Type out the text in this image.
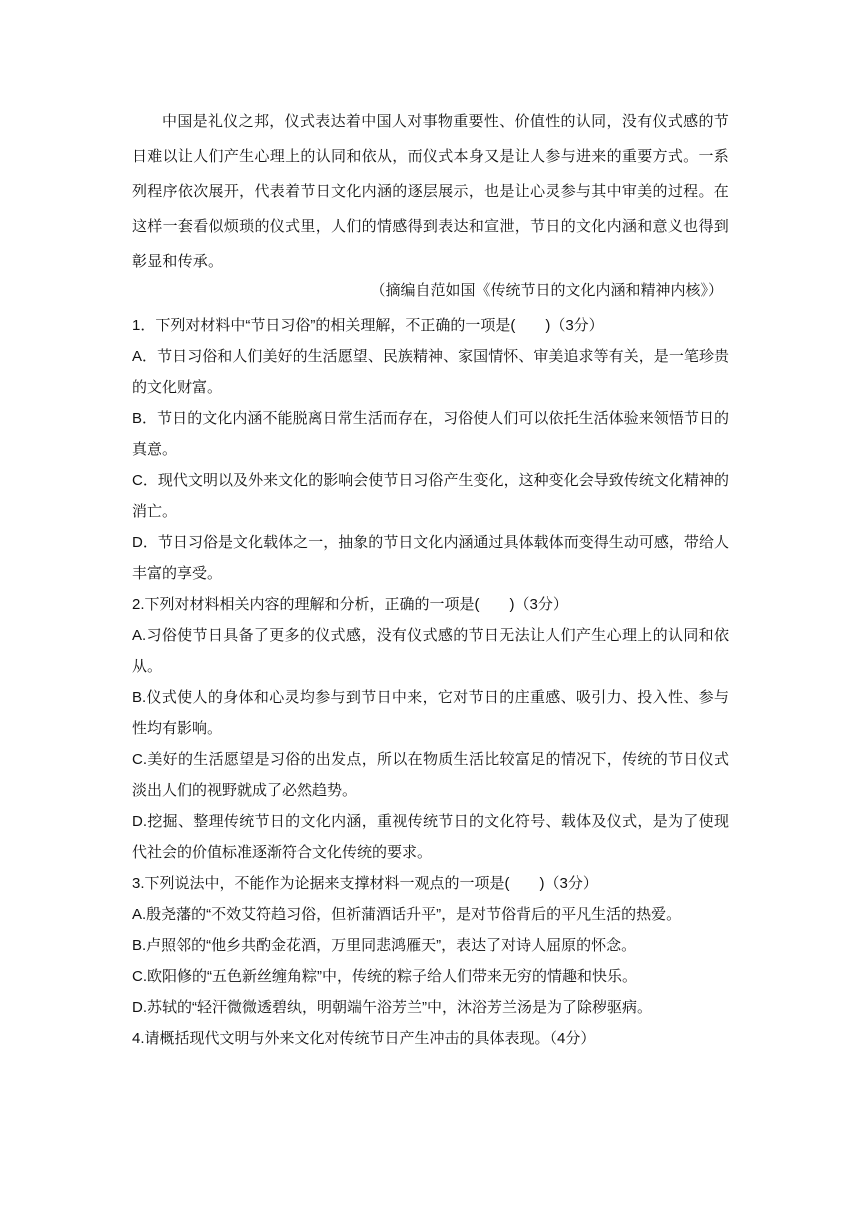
中国是礼仪之邦，仪式表达着中国人对事物重要性、价值性的认同，没有仪式感的节日难以让人们产生心理上的认同和依从，而仪式本身又是让人参与进来的重要方式。一系列程序依次展开，代表着节日文化内涵的逐层展示，也是让心灵参与其中审美的过程。在这样一套看似烦琐的仪式里，人们的情感得到表达和宣泄，节日的文化内涵和意义也得到彰显和传承。

（摘编自范如国《传统节日的文化内涵和精神内核》）

1．下列对材料中“节日习俗”的相关理解，不正确的一项是(　　)（3分）

A．节日习俗和人们美好的生活愿望、民族精神、家国情怀、审美追求等有关，是一笔珍贵的文化财富。

B．节日的文化内涵不能脱离日常生活而存在，习俗使人们可以依托生活体验来领悟节日的真意。

C．现代文明以及外来文化的影响会使节日习俗产生变化，这种变化会导致传统文化精神的消亡。

D．节日习俗是文化载体之一，抽象的节日文化内涵通过具体载体而变得生动可感，带给人丰富的享受。

2.下列对材料相关内容的理解和分析，正确的一项是(　　)（3分）

A.习俗使节日具备了更多的仪式感，没有仪式感的节日无法让人们产生心理上的认同和依从。

B.仪式使人的身体和心灵均参与到节日中来，它对节日的庄重感、吸引力、投入性、参与性均有影响。

C.美好的生活愿望是习俗的出发点，所以在物质生活比较富足的情况下，传统的节日仪式淡出人们的视野就成了必然趋势。

D.挖掘、整理传统节日的文化内涵，重视传统节日的文化符号、载体及仪式，是为了使现代社会的价值标准逐渐符合文化传统的要求。

3.下列说法中，不能作为论据来支撑材料一观点的一项是(　　)（3分）

A.殷尧藩的“不效艾符趋习俗，但祈蒲酒话升平”，是对节俗背后的平凡生活的热爱。

B.卢照邻的“他乡共酌金花酒，万里同悲鸿雁天”，表达了对诗人屈原的怀念。

C.欧阳修的“五色新丝缠角粽”中，传统的粽子给人们带来无穷的情趣和快乐。

D.苏轼的“轻汗微微透碧纨，明朝端午浴芳兰”中，沐浴芳兰汤是为了除秽驱病。

4.请概括现代文明与外来文化对传统节日产生冲击的具体表现。（4分）
